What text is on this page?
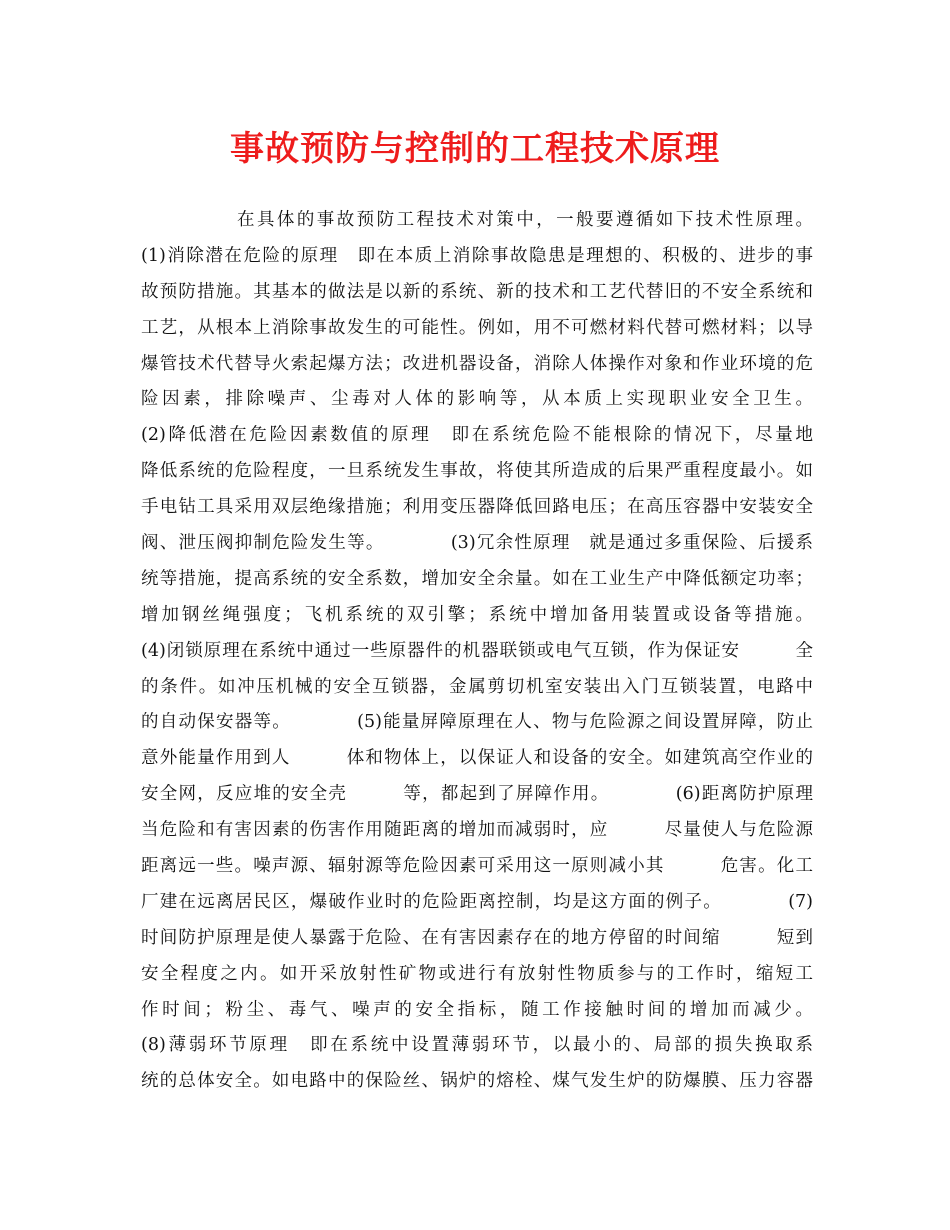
事故预防与控制的工程技术原理
在具体的事故预防工程技术对策中，一般要遵循如下技术性原理。
(1)消除潜在危险的原理　即在本质上消除事故隐患是理想的、积极的、进步的事
故预防措施。其基本的做法是以新的系统、新的技术和工艺代替旧的不安全系统和
工艺，从根本上消除事故发生的可能性。例如，用不可燃材料代替可燃材料；以导
爆管技术代替导火索起爆方法；改进机器设备，消除人体操作对象和作业环境的危
险因素，排除噪声、尘毒对人体的影响等，从本质上实现职业安全卫生。
(2)降低潜在危险因素数值的原理　即在系统危险不能根除的情况下，尽量地
降低系统的危险程度，一旦系统发生事故，将使其所造成的后果严重程度最小。如
手电钻工具采用双层绝缘措施；利用变压器降低回路电压；在高压容器中安装安全
阀、泄压阀抑制危险发生等。　　　　(3)冗余性原理　就是通过多重保险、后援系
统等措施，提高系统的安全系数，增加安全余量。如在工业生产中降低额定功率；
增加钢丝绳强度；飞机系统的双引擎；系统中增加备用装置或设备等措施。
(4)闭锁原理在系统中通过一些原器件的机器联锁或电气互锁，作为保证安　　　全
的条件。如冲压机械的安全互锁器，金属剪切机室安装出入门互锁装置，电路中
的自动保安器等。　　　　(5)能量屏障原理在人、物与危险源之间设置屏障，防止
意外能量作用到人　　　体和物体上，以保证人和设备的安全。如建筑高空作业的
安全网，反应堆的安全壳　　　等，都起到了屏障作用。　　　　(6)距离防护原理
当危险和有害因素的伤害作用随距离的增加而减弱时，应　　　尽量使人与危险源
距离远一些。噪声源、辐射源等危险因素可采用这一原则减小其　　　危害。化工
厂建在远离居民区，爆破作业时的危险距离控制，均是这方面的例子。　　　　(7)
时间防护原理是使人暴露于危险、在有害因素存在的地方停留的时间缩　　　短到
安全程度之内。如开采放射性矿物或进行有放射性物质参与的工作时，缩短工
作时间；粉尘、毒气、噪声的安全指标，随工作接触时间的增加而减少。
(8)薄弱环节原理　即在系统中设置薄弱环节，以最小的、局部的损失换取系
统的总体安全。如电路中的保险丝、锅炉的熔栓、煤气发生炉的防爆膜、压力容器
